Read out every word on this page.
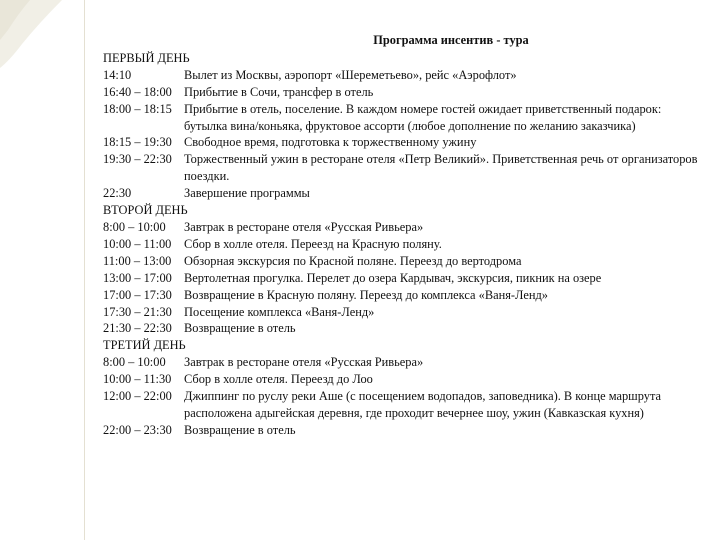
Программа инсентив - тура
ПЕРВЫЙ ДЕНЬ
14:10	Вылет из Москвы, аэропорт «Шереметьево», рейс «Аэрофлот»
16:40 – 18:00 Прибытие в Сочи, трансфер в отель
18:00 – 18:15 Прибытие в отель, поселение. В каждом номере гостей ожидает приветственный подарок: бутылка вина/коньяка, фруктовое ассорти (любое дополнение по желанию заказчика)
18:15 – 19:30 Свободное время, подготовка к торжественному ужину
19:30 – 22:30 Торжественный ужин в ресторане отеля «Петр Великий». Приветственная речь от организаторов поездки.
22:30	Завершение программы
ВТОРОЙ ДЕНЬ
8:00 – 10:00	Завтрак в ресторане отеля «Русская Ривьера»
10:00 – 11:00	Сбор в холле отеля. Переезд на Красную поляну.
11:00 – 13:00	Обзорная экскурсия по Красной поляне. Переезд до вертодрома
13:00 – 17:00 Вертолетная прогулка. Перелет до озера Кардывач, экскурсия, пикник на озере
17:00 – 17:30 Возвращение в Красную поляну. Переезд до комплекса «Ваня-Ленд»
17:30 – 21:30 Посещение комплекса «Ваня-Ленд»
21:30 – 22:30 Возвращение в отель
ТРЕТИЙ ДЕНЬ
8:00 – 10:00	Завтрак в ресторане отеля «Русская Ривьера»
10:00 – 11:30	Сбор в холле отеля. Переезд до Лоо
12:00 – 22:00 Джиппинг по руслу реки Аше (с посещением водопадов, заповедника). В конце маршрута расположена адыгейская деревня, где проходит вечернее шоу, ужин (Кавказская кухня)
22:00 – 23:30 Возвращение в отель
